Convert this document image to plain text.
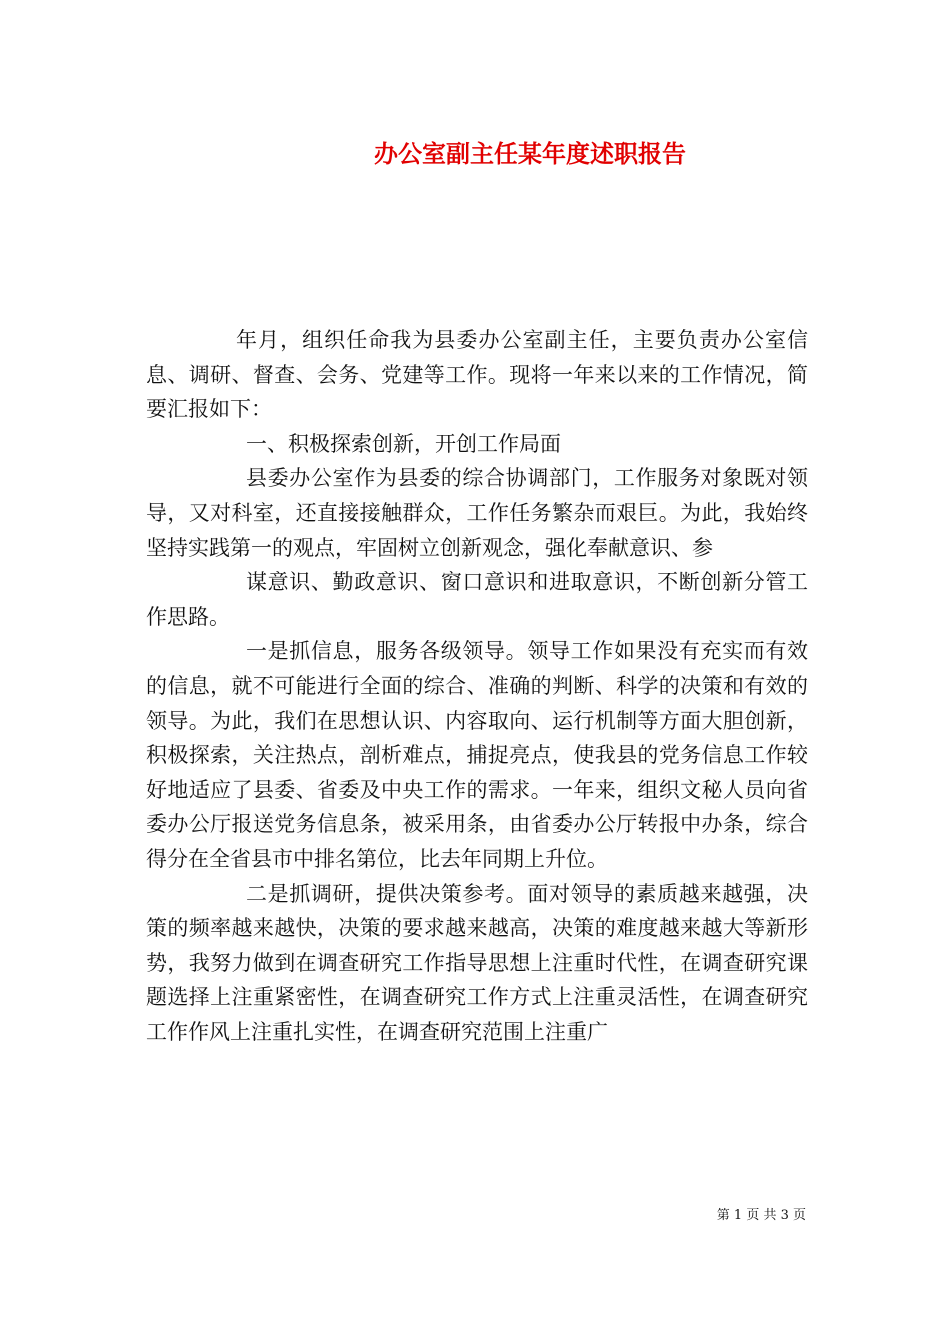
办公室副主任某年度述职报告

年月，组织任命我为县委办公室副主任，主要负责办公室信息、调研、督查、会务、党建等工作。现将一年来以来的工作情况，简要汇报如下：

一、积极探索创新，开创工作局面

县委办公室作为县委的综合协调部门，工作服务对象既对领导，又对科室，还直接接触群众，工作任务繁杂而艰巨。为此，我始终坚持实践第一的观点，牢固树立创新观念，强化奉献意识、参

谋意识、勤政意识、窗口意识和进取意识，不断创新分管工作思路。

一是抓信息，服务各级领导。领导工作如果没有充实而有效的信息，就不可能进行全面的综合、准确的判断、科学的决策和有效的领导。为此，我们在思想认识、内容取向、运行机制等方面大胆创新，积极探索，关注热点，剖析难点，捕捉亮点，使我县的党务信息工作较好地适应了县委、省委及中央工作的需求。一年来，组织文秘人员向省委办公厅报送党务信息条，被采用条，由省委办公厅转报中办条，综合得分在全省县市中排名第位，比去年同期上升位。

二是抓调研，提供决策参考。面对领导的素质越来越强，决策的频率越来越快，决策的要求越来越高，决策的难度越来越大等新形势，我努力做到在调查研究工作指导思想上注重时代性，在调查研究课题选择上注重紧密性，在调查研究工作方式上注重灵活性，在调查研究工作作风上注重扎实性，在调查研究范围上注重广

第 1 页 共 3 页
